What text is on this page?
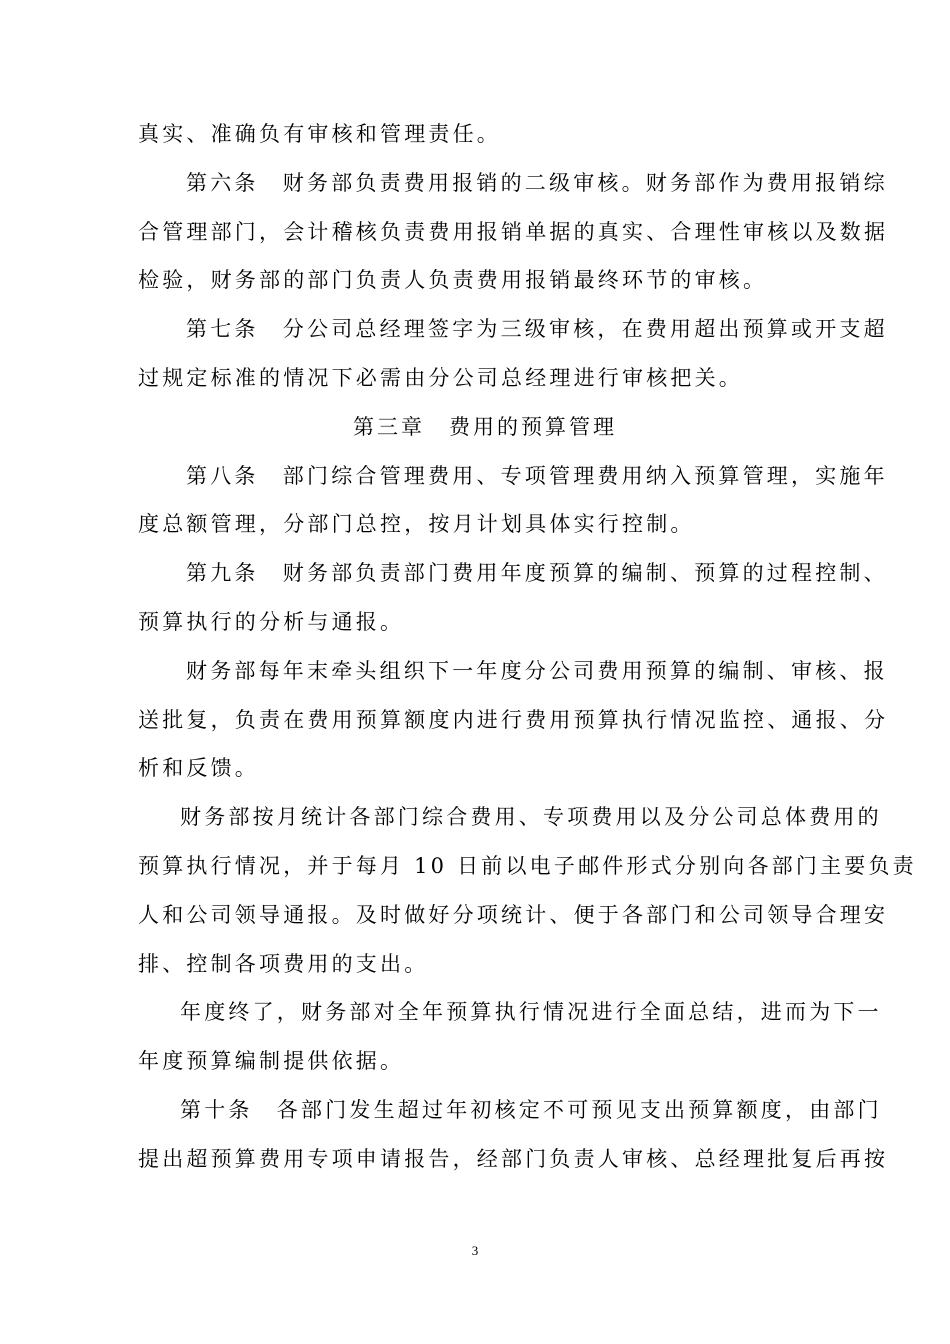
真实、准确负有审核和管理责任。
第六条　财务部负责费用报销的二级审核。财务部作为费用报销综
合管理部门，会计稽核负责费用报销单据的真实、合理性审核以及数据
检验，财务部的部门负责人负责费用报销最终环节的审核。
第七条　分公司总经理签字为三级审核，在费用超出预算或开支超
过规定标准的情况下必需由分公司总经理进行审核把关。
第三章　费用的预算管理
第八条　部门综合管理费用、专项管理费用纳入预算管理，实施年
度总额管理，分部门总控，按月计划具体实行控制。
第九条　财务部负责部门费用年度预算的编制、预算的过程控制、
预算执行的分析与通报。
财务部每年末牵头组织下一年度分公司费用预算的编制、审核、报
送批复，负责在费用预算额度内进行费用预算执行情况监控、通报、分
析和反馈。
财务部按月统计各部门综合费用、专项费用以及分公司总体费用的
预算执行情况，并于每月 10 日前以电子邮件形式分别向各部门主要负责
人和公司领导通报。及时做好分项统计、便于各部门和公司领导合理安
排、控制各项费用的支出。
年度终了，财务部对全年预算执行情况进行全面总结，进而为下一
年度预算编制提供依据。
第十条　各部门发生超过年初核定不可预见支出预算额度，由部门
提出超预算费用专项申请报告，经部门负责人审核、总经理批复后再按
3
